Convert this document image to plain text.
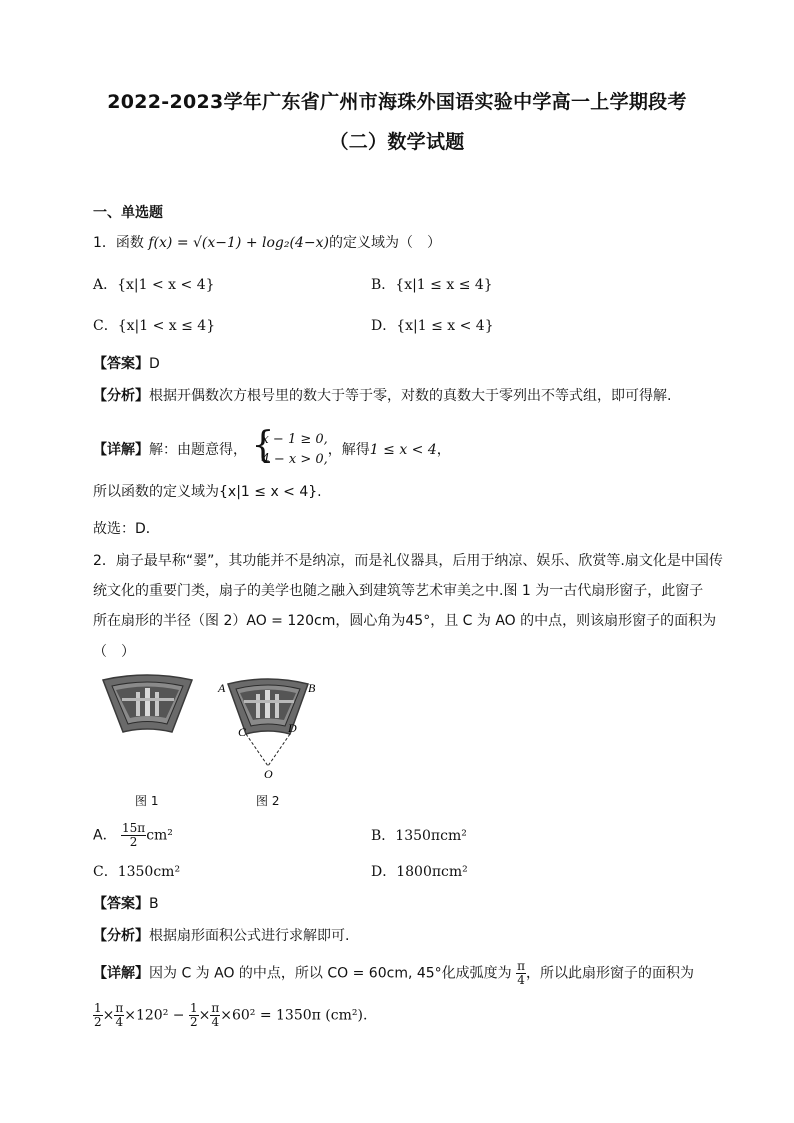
2022-2023学年广东省广州市海珠外国语实验中学高一上学期段考
（二）数学试题
一、单选题
1．函数 f(x) = √(x−1) + log₂(4−x)的定义域为（　）
A．{x|1 < x < 4}	B．{x|1 ≤ x ≤ 4}
C．{x|1 < x ≤ 4}	D．{x|1 ≤ x < 4}
【答案】D
【分析】根据开偶数次方根号里的数大于等于零，对数的真数大于零列出不等式组，即可得解.
【详解】解：由题意得， {
x − 1 ≥ 0,
4 − x > 0,
，解得1 ≤ x < 4，
所以函数的定义域为{x|1 ≤ x < 4}.
故选：D．
2．扇子最早称“翣”，其功能并不是纳凉，而是礼仪器具，后用于纳凉、娱乐、欣赏等.扇文化是中国传
统文化的重要门类，扇子的美学也随之融入到建筑等艺术审美之中.图 1 为一古代扇形窗子，此窗子
所在扇形的半径（图 2）AO = 120cm，圆心角为45°，且 C 为 AO 的中点，则该扇形窗子的面积为
（　）
图 1
A	B
C	D
O
图 2
A． $\frac{15\pi}{2} cm^2$	B．1350πcm²
C．1350cm²	D．1800πcm²
【答案】B
【分析】根据扇形面积公式进行求解即可.
【详解】因为 C 为 AO 的中点，所以 CO = 60cm, 45°化成弧度为 $\frac{\pi}{4}$ ，所以此扇形窗子的面积为
$\frac{1}{2} \times \frac{\pi}{4} \times 120^2 - \frac{1}{2} \times \frac{\pi}{4} \times 60^2 = 1350\pi$ (cm²).
